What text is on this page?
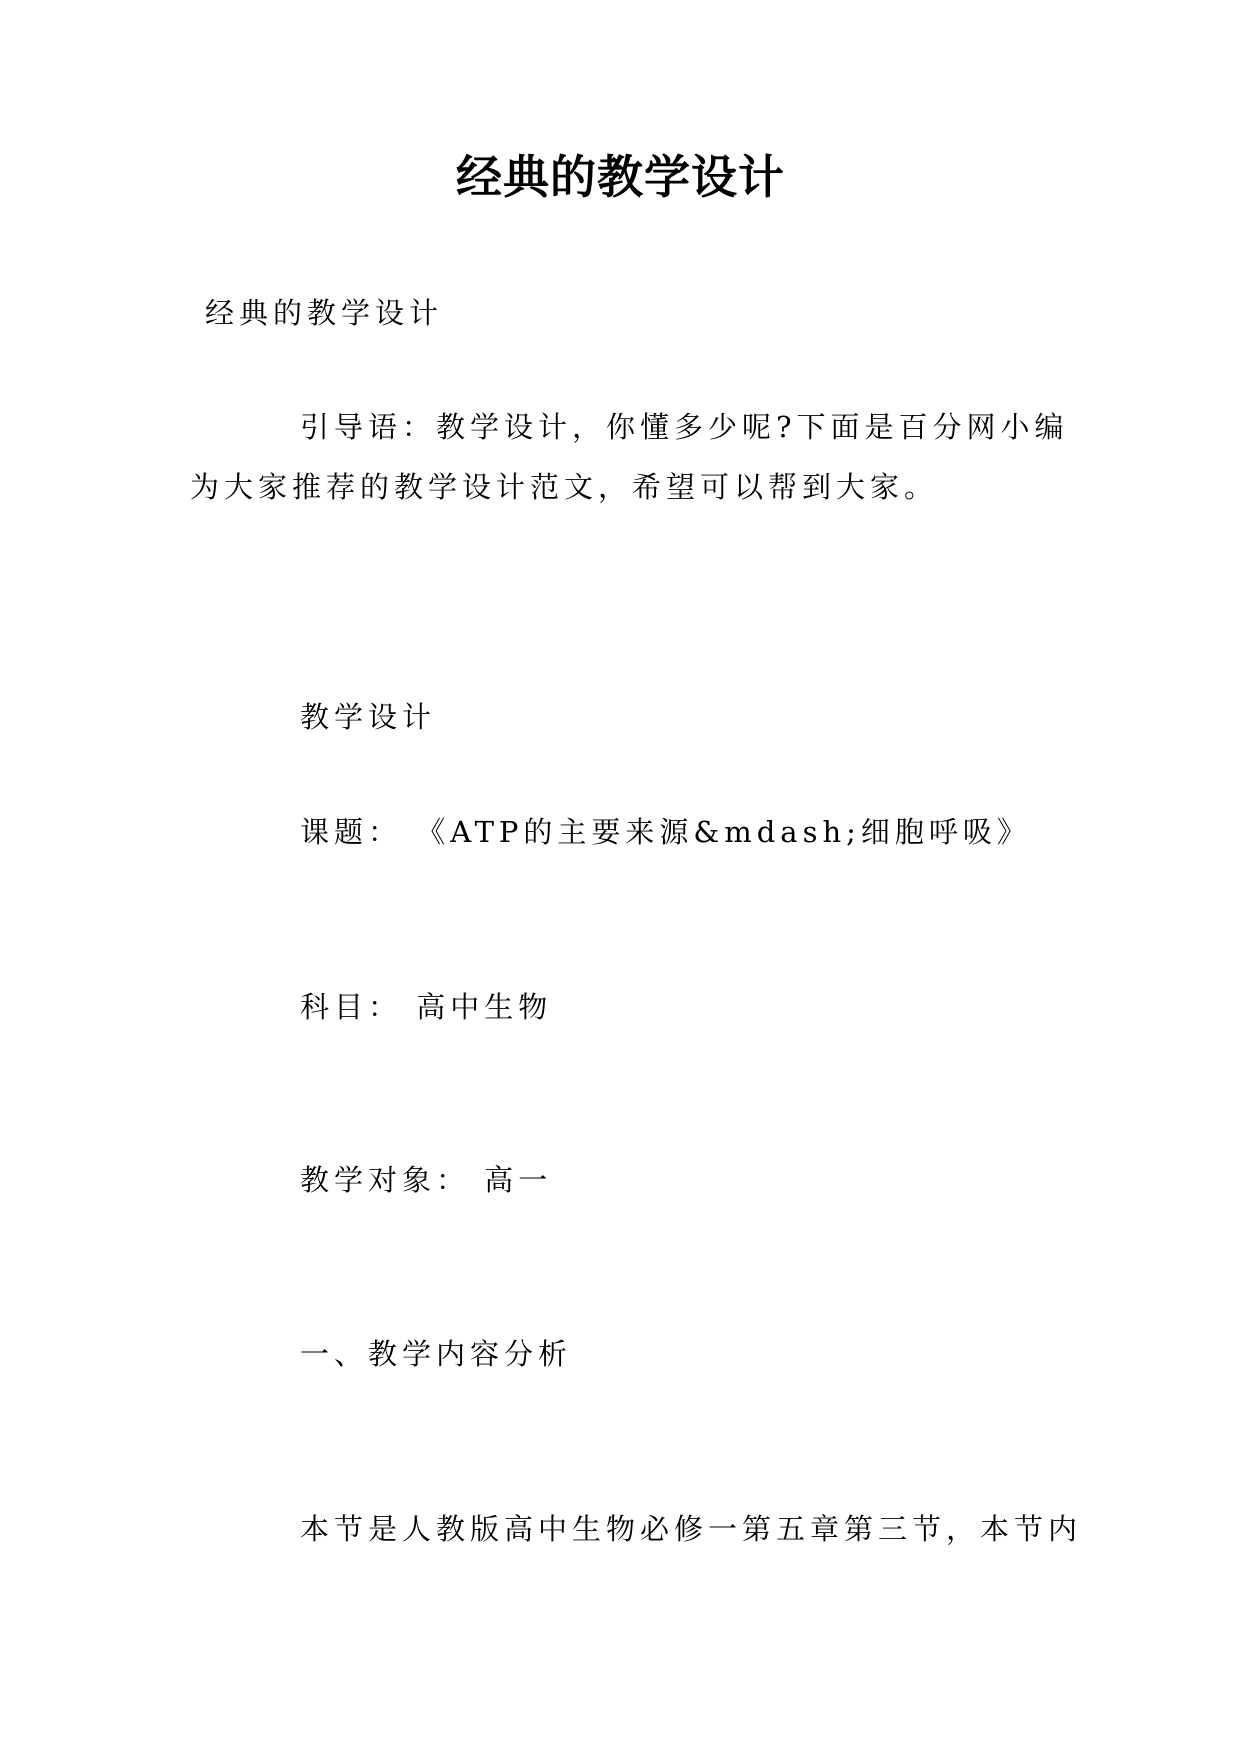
经典的教学设计
经典的教学设计
引导语：教学设计，你懂多少呢?下面是百分网小编
为大家推荐的教学设计范文，希望可以帮到大家。
教学设计
课题： 《ATP的主要来源&mdash;细胞呼吸》
科目： 高中生物
教学对象： 高一
一、教学内容分析
本节是人教版高中生物必修一第五章第三节，本节内
